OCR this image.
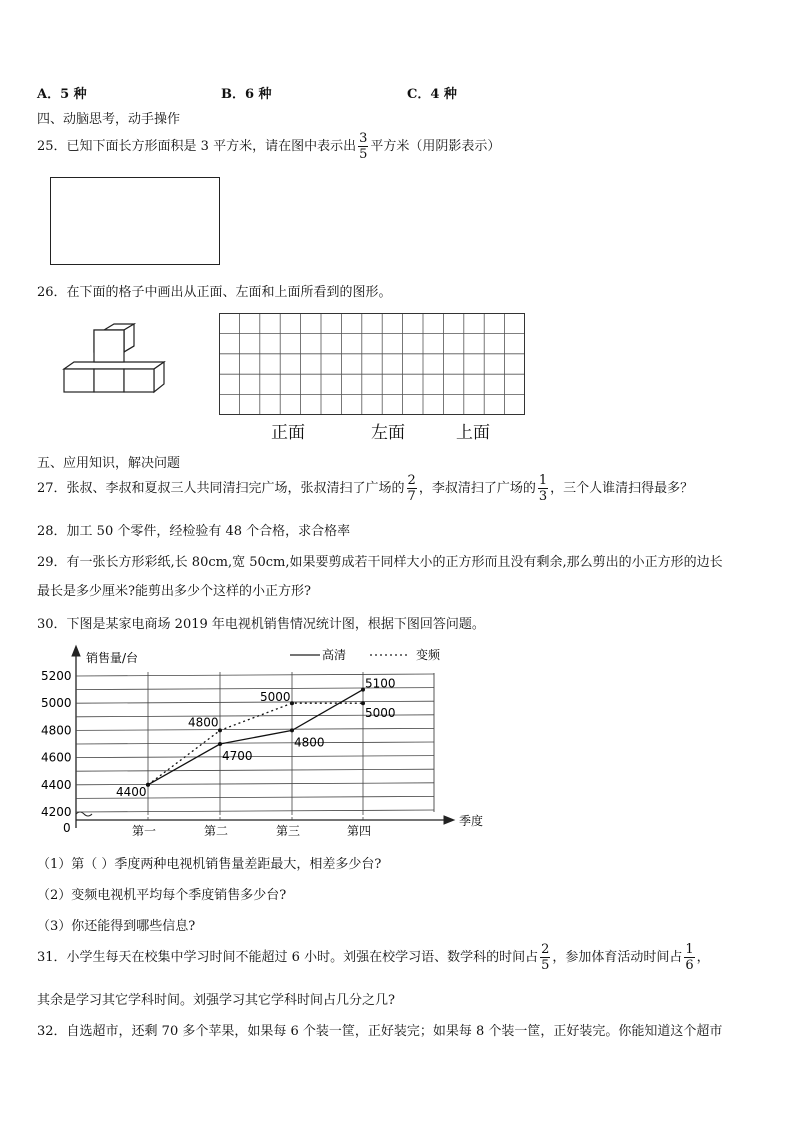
A．5 种	B．6 种	C．4 种
四、动脑思考，动手操作
25．已知下面长方形面积是 3 平方米，请在图中表示出 $\frac{3}{5}$ 平方米（用阴影表示）
26．在下面的格子中画出从正面、左面和上面所看到的图形。
正面	左面	上面
五、应用知识，解决问题
27．张叔、李叔和夏叔三人共同清扫完广场，张叔清扫了广场的 $\frac{2}{7}$ ，李叔清扫了广场的 $\frac{1}{3}$ ，三个人谁清扫得最多？
28．加工 50 个零件，经检验有 48 个合格，求合格率
29．有一张长方形彩纸,长 80cm,宽 50cm,如果要剪成若干同样大小的正方形而且没有剩余,那么剪出的小正方形的边长
最长是多少厘米?能剪出多少个这样的小正方形?
30．下图是某家电商场 2019 年电视机销售情况统计图，根据下图回答问题。
5200
5000
4800
4600
4400
4200
0	第一	第二	第三	第四
4400
4700
4800
5100
4800
5000
5000
销售量/台
季度
高清	变频
（1）第（ ）季度两种电视机销售量差距最大，相差多少台?
（2）变频电视机平均每个季度销售多少台?
（3）你还能得到哪些信息?
31．小学生每天在校集中学习时间不能超过 6 小时。刘强在校学习语、数学科的时间占 $\frac{2}{5}$ ，参加体育活动时间占 $\frac{1}{6}$ ，
其余是学习其它学科时间。刘强学习其它学科时间占几分之几?
32．自选超市，还剩 70 多个苹果，如果每 6 个装一筐，正好装完；如果每 8 个装一筐，正好装完。你能知道这个超市
